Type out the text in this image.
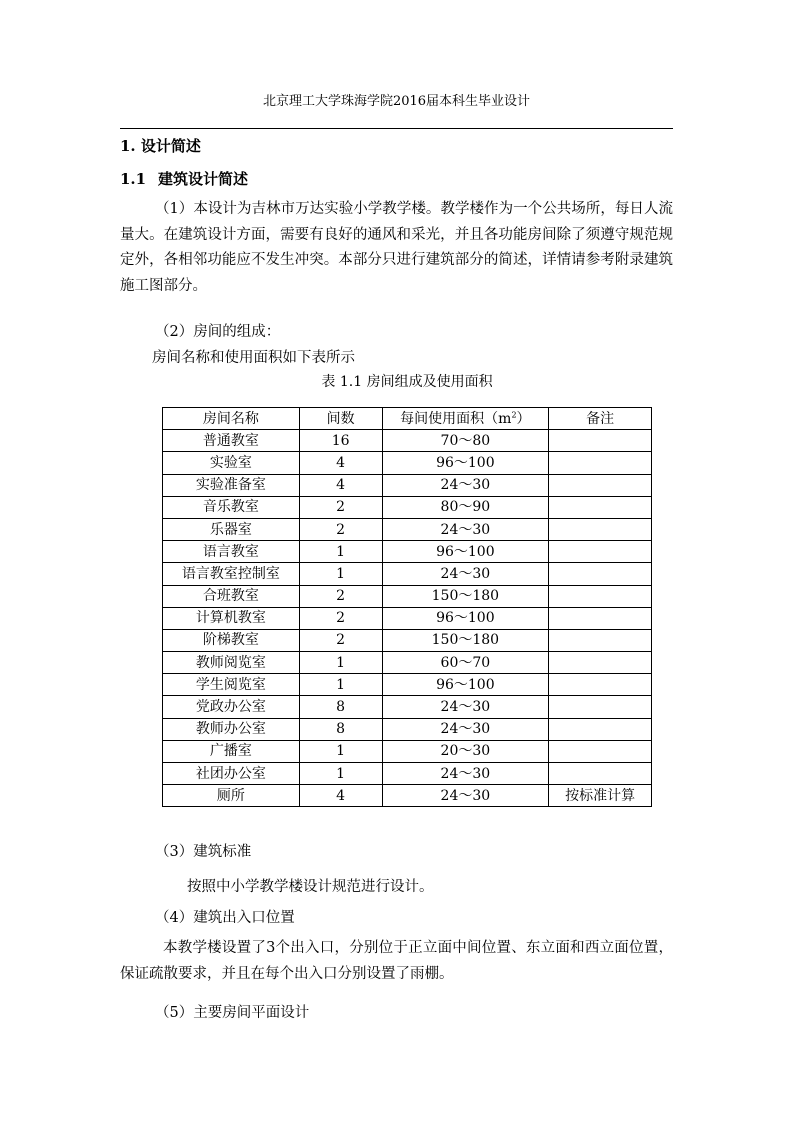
北京理工大学珠海学院2016届本科生毕业设计
1. 设计简述
1.1 建筑设计简述
（1）本设计为吉林市万达实验小学教学楼。教学楼作为一个公共场所，每日人流量大。在建筑设计方面，需要有良好的通风和采光，并且各功能房间除了须遵守规范规定外，各相邻功能应不发生冲突。本部分只进行建筑部分的简述，详情请参考附录建筑施工图部分。
（2）房间的组成：
房间名称和使用面积如下表所示
表 1.1 房间组成及使用面积
房间名称	间数	每间使用面积$(m^2)$	备注
普通教室	16	70～80	
实验室	4	96～100	
实验准备室	4	24～30	
音乐教室	2	80～90	
乐器室	2	24～30	
语言教室	1	96～100	
语言教室控制室	1	24～30	
合班教室	2	150～180	
计算机教室	2	96～100	
阶梯教室	2	150～180	
教师阅览室	1	60～70	
学生阅览室	1	96～100	
党政办公室	8	24～30	
教师办公室	8	24～30	
广播室	1	20～30	
社团办公室	1	24～30	
厕所	4	24～30	按标准计算
（3）建筑标准
按照中小学教学楼设计规范进行设计。
（4）建筑出入口位置
本教学楼设置了3个出入口，分别位于正立面中间位置、东立面和西立面位置，保证疏散要求，并且在每个出入口分别设置了雨棚。
（5）主要房间平面设计
